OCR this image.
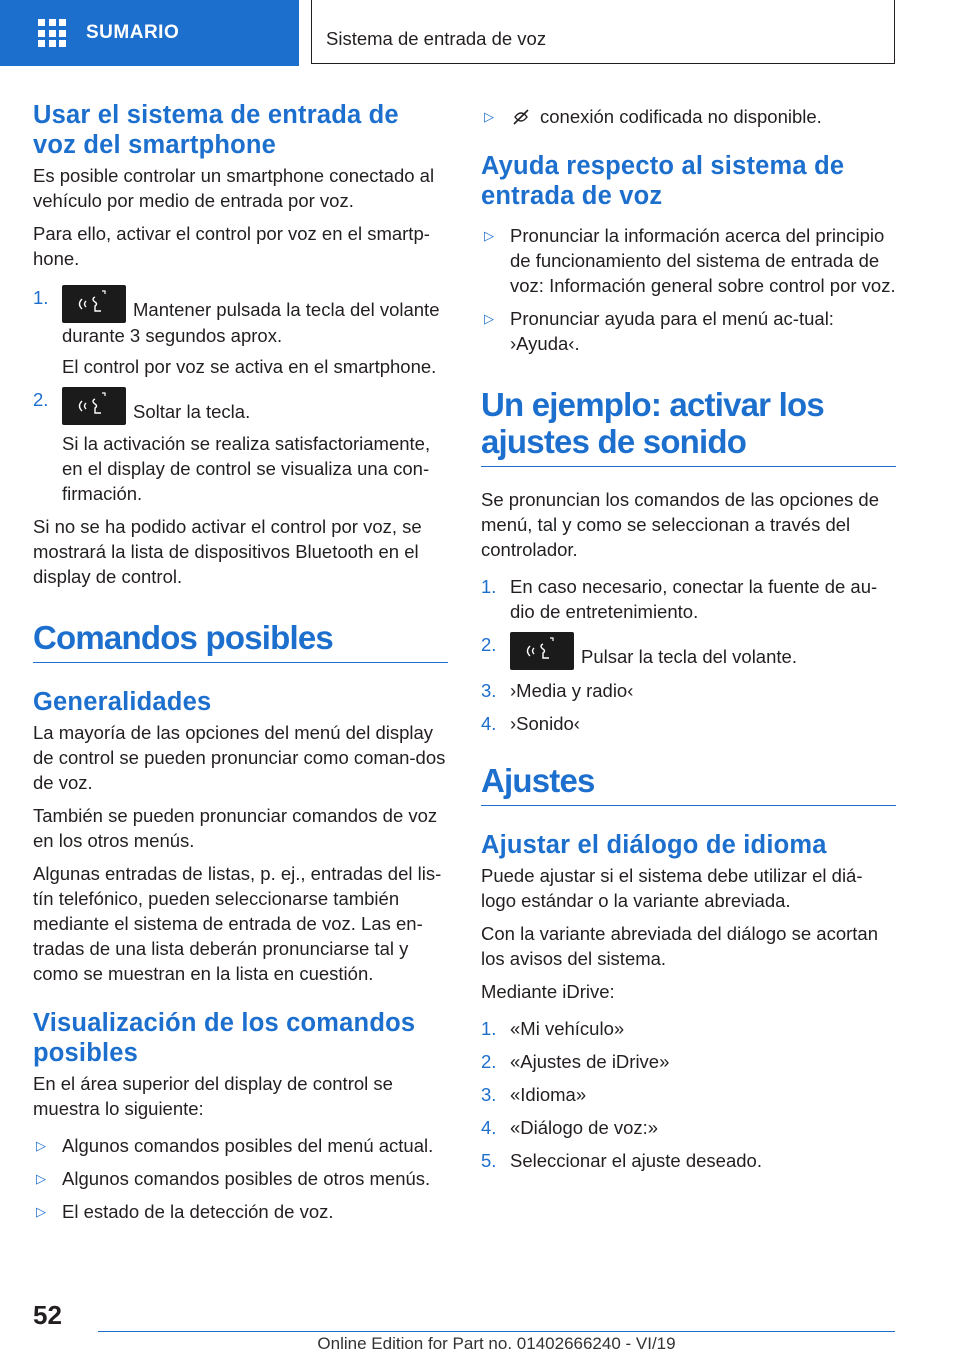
SUMARIO	Sistema de entrada de voz
Usar el sistema de entrada de voz del smartphone

Es posible controlar un smartphone conectado al vehículo por medio de entrada por voz.

Para ello, activar el control por voz en el smartp‐hone.

1.
Mantener pulsada la tecla del volante durante 3 segundos aprox.
El control por voz se activa en el smartphone.
2.
Soltar la tecla.
Si la activación se realiza satisfactoriamente, en el display de control se visualiza una con‐firmación.

Si no se ha podido activar el control por voz, se mostrará la lista de dispositivos Bluetooth en el display de control.

Comandos posibles
Generalidades

La mayoría de las opciones del menú del display de control se pueden pronunciar como coman‐dos de voz.

También se pueden pronunciar comandos de voz en los otros menús.

Algunas entradas de listas, p. ej., entradas del lis‐tín telefónico, pueden seleccionarse también mediante el sistema de entrada de voz. Las en‐tradas de una lista deberán pronunciarse tal y como se muestran en la lista en cuestión.

Visualización de los comandos posibles

En el área superior del display de control se muestra lo siguiente:

▷ Algunos comandos posibles del menú actual.
▷ Algunos comandos posibles de otros menús.
▷ El estado de la detección de voz.
▷ conexión codificada no disponible.
Ayuda respecto al sistema de entrada de voz
▷ Pronunciar la información acerca del principio de funcionamiento del sistema de entrada de voz: Información general sobre control por voz.
▷ Pronunciar ayuda para el menú ac‐tual: ›Ayuda‹.
Un ejemplo: activar los ajustes de sonido

Se pronuncian los comandos de las opciones de menú, tal y como se seleccionan a través del controlador.

1. En caso necesario, conectar la fuente de au‐dio de entretenimiento.
2.
Pulsar la tecla del volante.
3. ›Media y radio‹
4. ›Sonido‹
Ajustes
Ajustar el diálogo de idioma

Puede ajustar si el sistema debe utilizar el diá‐logo estándar o la variante abreviada.

Con la variante abreviada del diálogo se acortan los avisos del sistema.

Mediante iDrive:

1. «Mi vehículo»
2. «Ajustes de iDrive»
3. «Idioma»
4. «Diálogo de voz:»
5. Seleccionar el ajuste deseado.
52
Online Edition for Part no. 01402666240 - VI/19
